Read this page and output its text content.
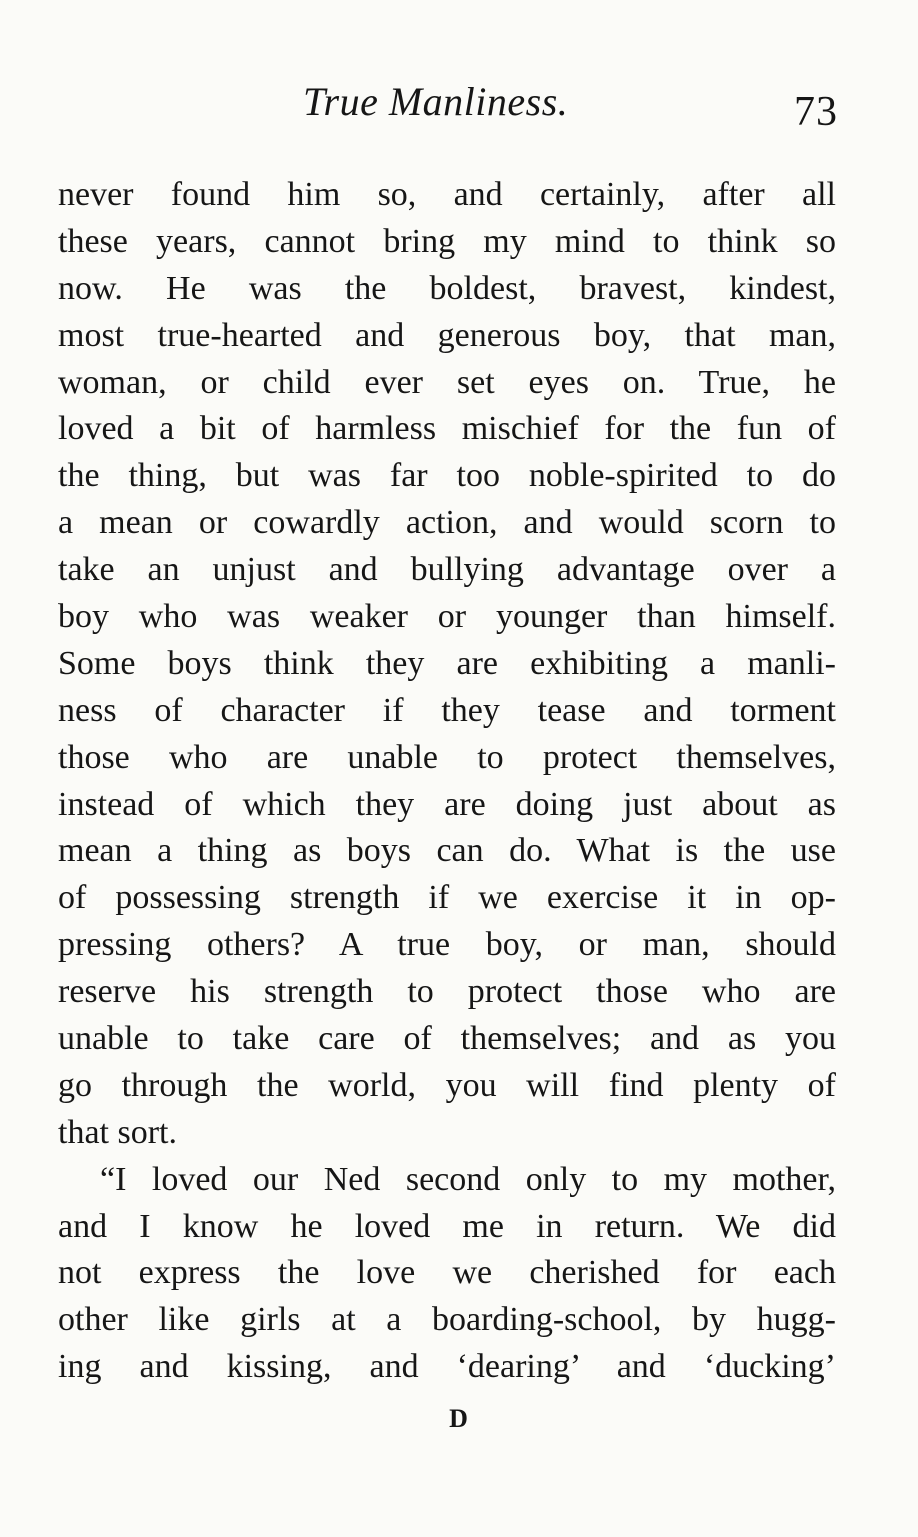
True Manliness.	73
never found him so, and certainly, after all
these years, cannot bring my mind to think so
now. He was the boldest, bravest, kindest,
most true-hearted and generous boy, that man,
woman, or child ever set eyes on. True, he
loved a bit of harmless mischief for the fun of
the thing, but was far too noble-spirited to do
a mean or cowardly action, and would scorn to
take an unjust and bullying advantage over a
boy who was weaker or younger than himself.
Some boys think they are exhibiting a manli-
ness of character if they tease and torment
those who are unable to protect themselves,
instead of which they are doing just about as
mean a thing as boys can do. What is the use
of possessing strength if we exercise it in op-
pressing others? A true boy, or man, should
reserve his strength to protect those who are
unable to take care of themselves; and as you
go through the world, you will find plenty of
that sort.
“I loved our Ned second only to my mother,
and I know he loved me in return. We did
not express the love we cherished for each
other like girls at a boarding-school, by hugg-
ing and kissing, and ‘dearing’ and ‘ducking’
D
